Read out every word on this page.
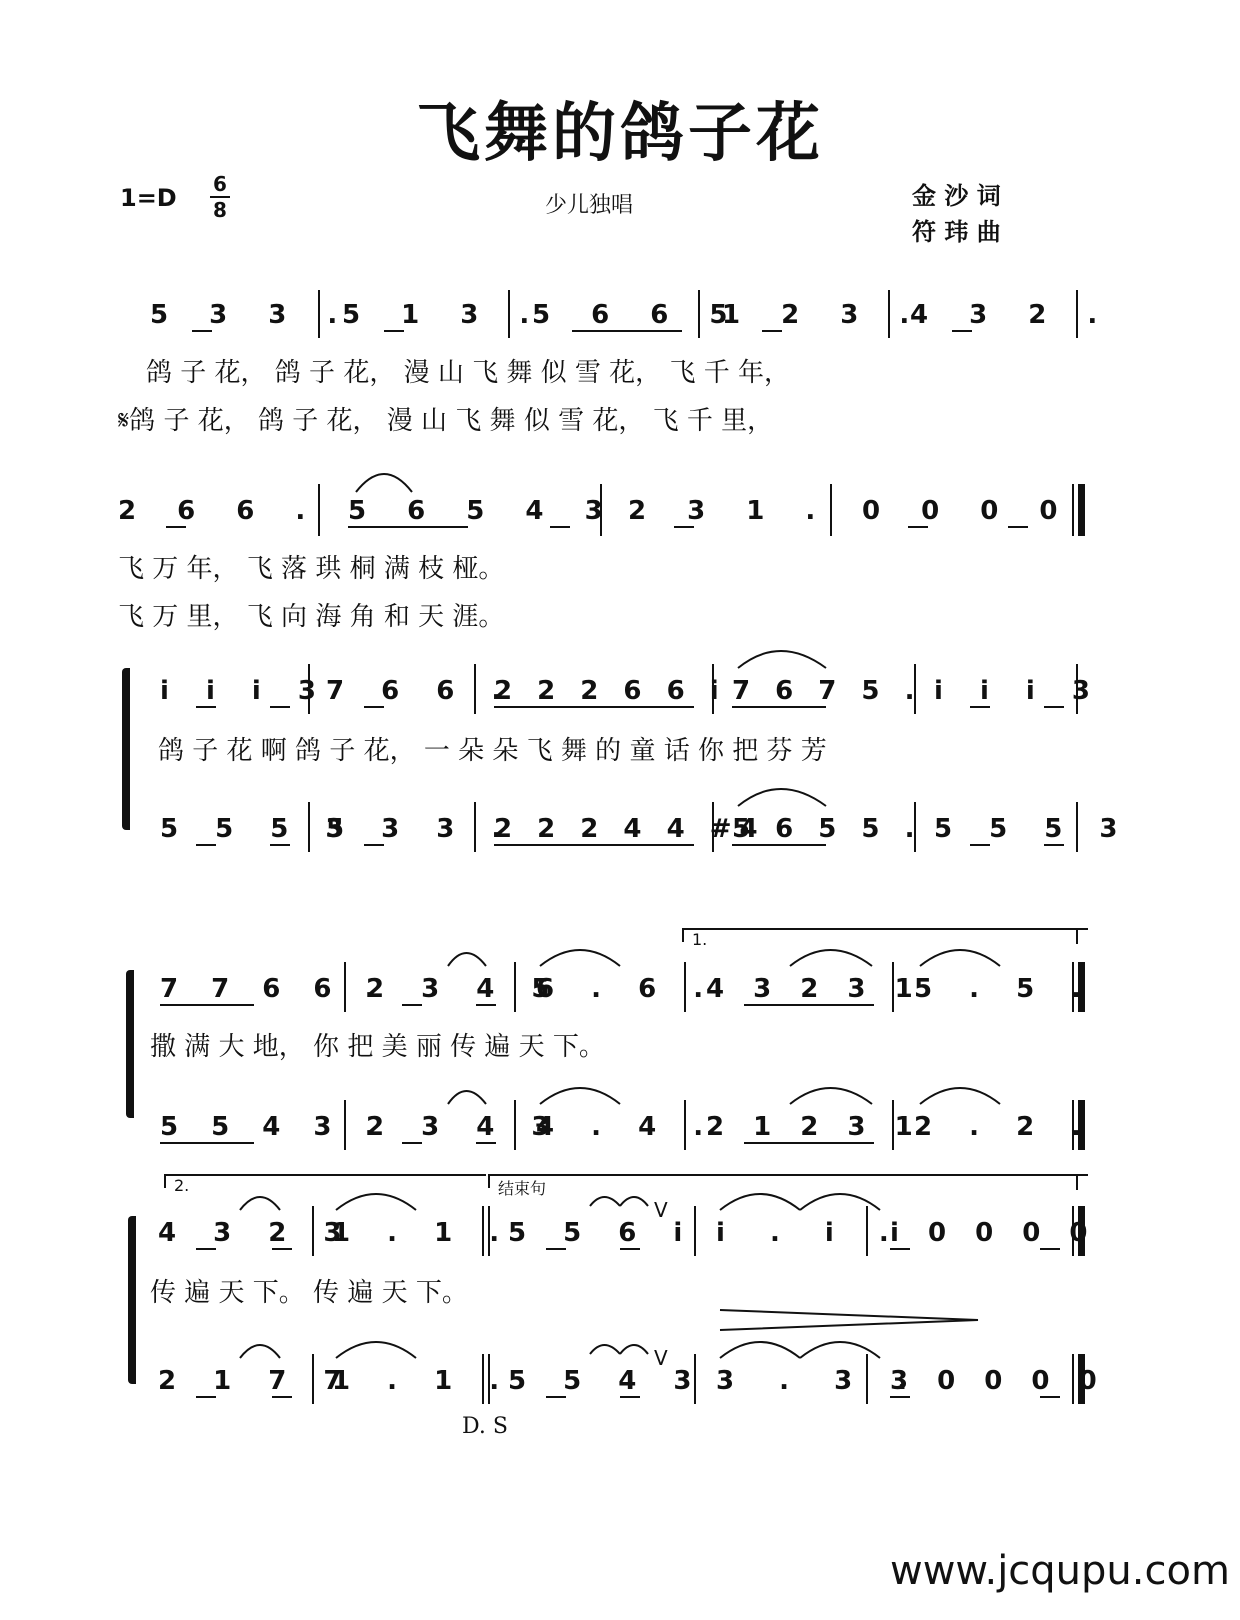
飞舞的鸽子花
1=D 6
8	少儿独唱	金 沙 词
符 玮 曲
5 3 3 .
5 1 3 .
5 6 6 5
1 2 3 .
4 3 2 .
鸽 子 花， 鸽 子 花， 漫 山 飞 舞 似 雪 花， 飞 千 年，
𝄋鸽 子 花， 鸽 子 花， 漫 山 飞 舞 似 雪 花， 飞 千 里，
2 6 6 . 5 6 5 4 3 2 3 1 . 0 0 0 0
飞 万 年， 飞 落 珙 桐 满 枝 桠。
飞 万 里， 飞 向 海 角 和 天 涯。
i i i 3
7 6 6 .
2 2 2 6 6 i 7 6 7 5 . i i i 3
鸽 子 花 啊 鸽 子 花， 一 朵 朵 飞 舞 的 童 话 你 把 芬 芳
5 5 5 3
5 3 3 .
2 2 2 4 4 #4
5 6 5 5 . 5 5 5 3
1.
7 7 6 6 .
2 3 4 5
6 . 6 .
4 3 2 3 1
5 . 5 .
撒 满 大 地， 你 把 美 丽 传 遍 天 下。
5 5 4 3 .
2 3 4 3
4 . 4 .
2 1 2 3 1
2 . 2 .
2.	结束句
4 3 2 3
1 . 1 .
5 5 6 i i . i .
i 0 0 0 0
V
传 遍 天 下。 传 遍 天 下。
2 1 7 7
1 . 1 .
5 5 4 3 3 . 3 .
3 0 0 0 0
V
D. S
www.jcqupu.com
